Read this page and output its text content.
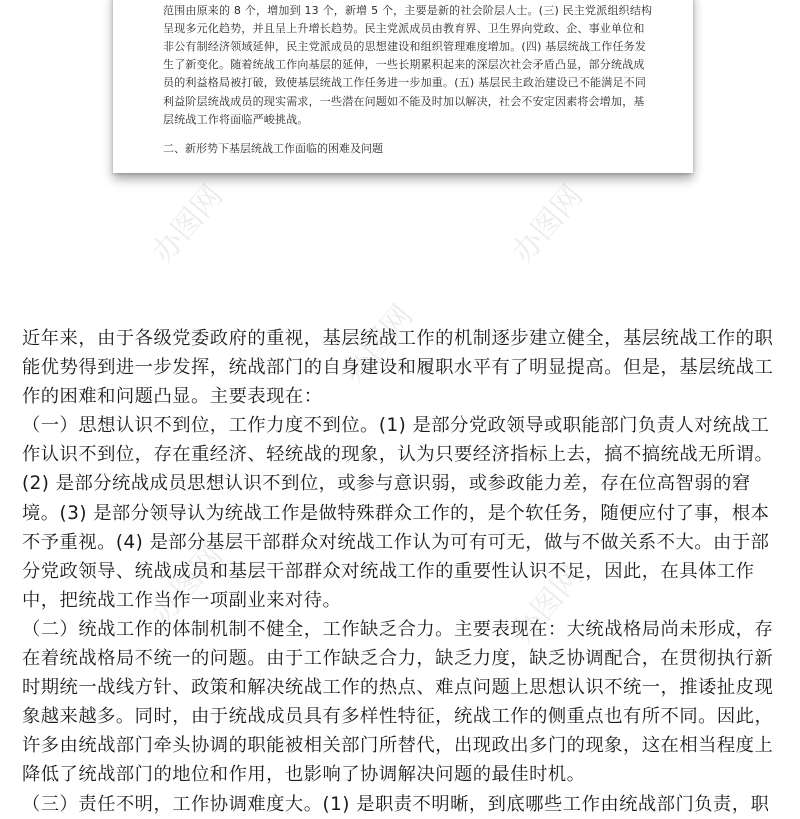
范围由原来的 8 个，增加到 13 个，新增 5 个，主要是新的社会阶层人士。(三) 民主党派组织结构呈现多元化趋势，并且呈上升增长趋势。民主党派成员由教育界、卫生界向党政、企、事业单位和非公有制经济领域延伸，民主党派成员的思想建设和组织管理难度增加。(四) 基层统战工作任务发生了新变化。随着统战工作向基层的延伸，一些长期累积起来的深层次社会矛盾凸显，部分统战成员的利益格局被打破，致使基层统战工作任务进一步加重。(五) 基层民主政治建设已不能满足不同利益阶层统战成员的现实需求，一些潜在问题如不能及时加以解决，社会不安定因素将会增加，基层统战工作将面临严峻挑战。

二、新形势下基层统战工作面临的困难及问题
办图网	办图网
办图网
办图网	办图网

近年来，由于各级党委政府的重视，基层统战工作的机制逐步建立健全，基层统战工作的职能优势得到进一步发挥，统战部门的自身建设和履职水平有了明显提高。但是，基层统战工作的困难和问题凸显。主要表现在：

（一）思想认识不到位，工作力度不到位。(1) 是部分党政领导或职能部门负责人对统战工作认识不到位，存在重经济、轻统战的现象，认为只要经济指标上去，搞不搞统战无所谓。(2) 是部分统战成员思想认识不到位，或参与意识弱，或参政能力差，存在位高智弱的窘境。(3) 是部分领导认为统战工作是做特殊群众工作的，是个软任务，随便应付了事，根本不予重视。(4) 是部分基层干部群众对统战工作认为可有可无，做与不做关系不大。由于部分党政领导、统战成员和基层干部群众对统战工作的重要性认识不足，因此，在具体工作中，把统战工作当作一项副业来对待。

（二）统战工作的体制机制不健全，工作缺乏合力。主要表现在：大统战格局尚未形成，存在着统战格局不统一的问题。由于工作缺乏合力，缺乏力度，缺乏协调配合，在贯彻执行新时期统一战线方针、政策和解决统战工作的热点、难点问题上思想认识不统一，推诿扯皮现象越来越多。同时，由于统战成员具有多样性特征，统战工作的侧重点也有所不同。因此，许多由统战部门牵头协调的职能被相关部门所替代，出现政出多门的现象，这在相当程度上降低了统战部门的地位和作用，也影响了协调解决问题的最佳时机。

（三）责任不明，工作协调难度大。(1) 是职责不明晰，到底哪些工作由统战部门负责，职
